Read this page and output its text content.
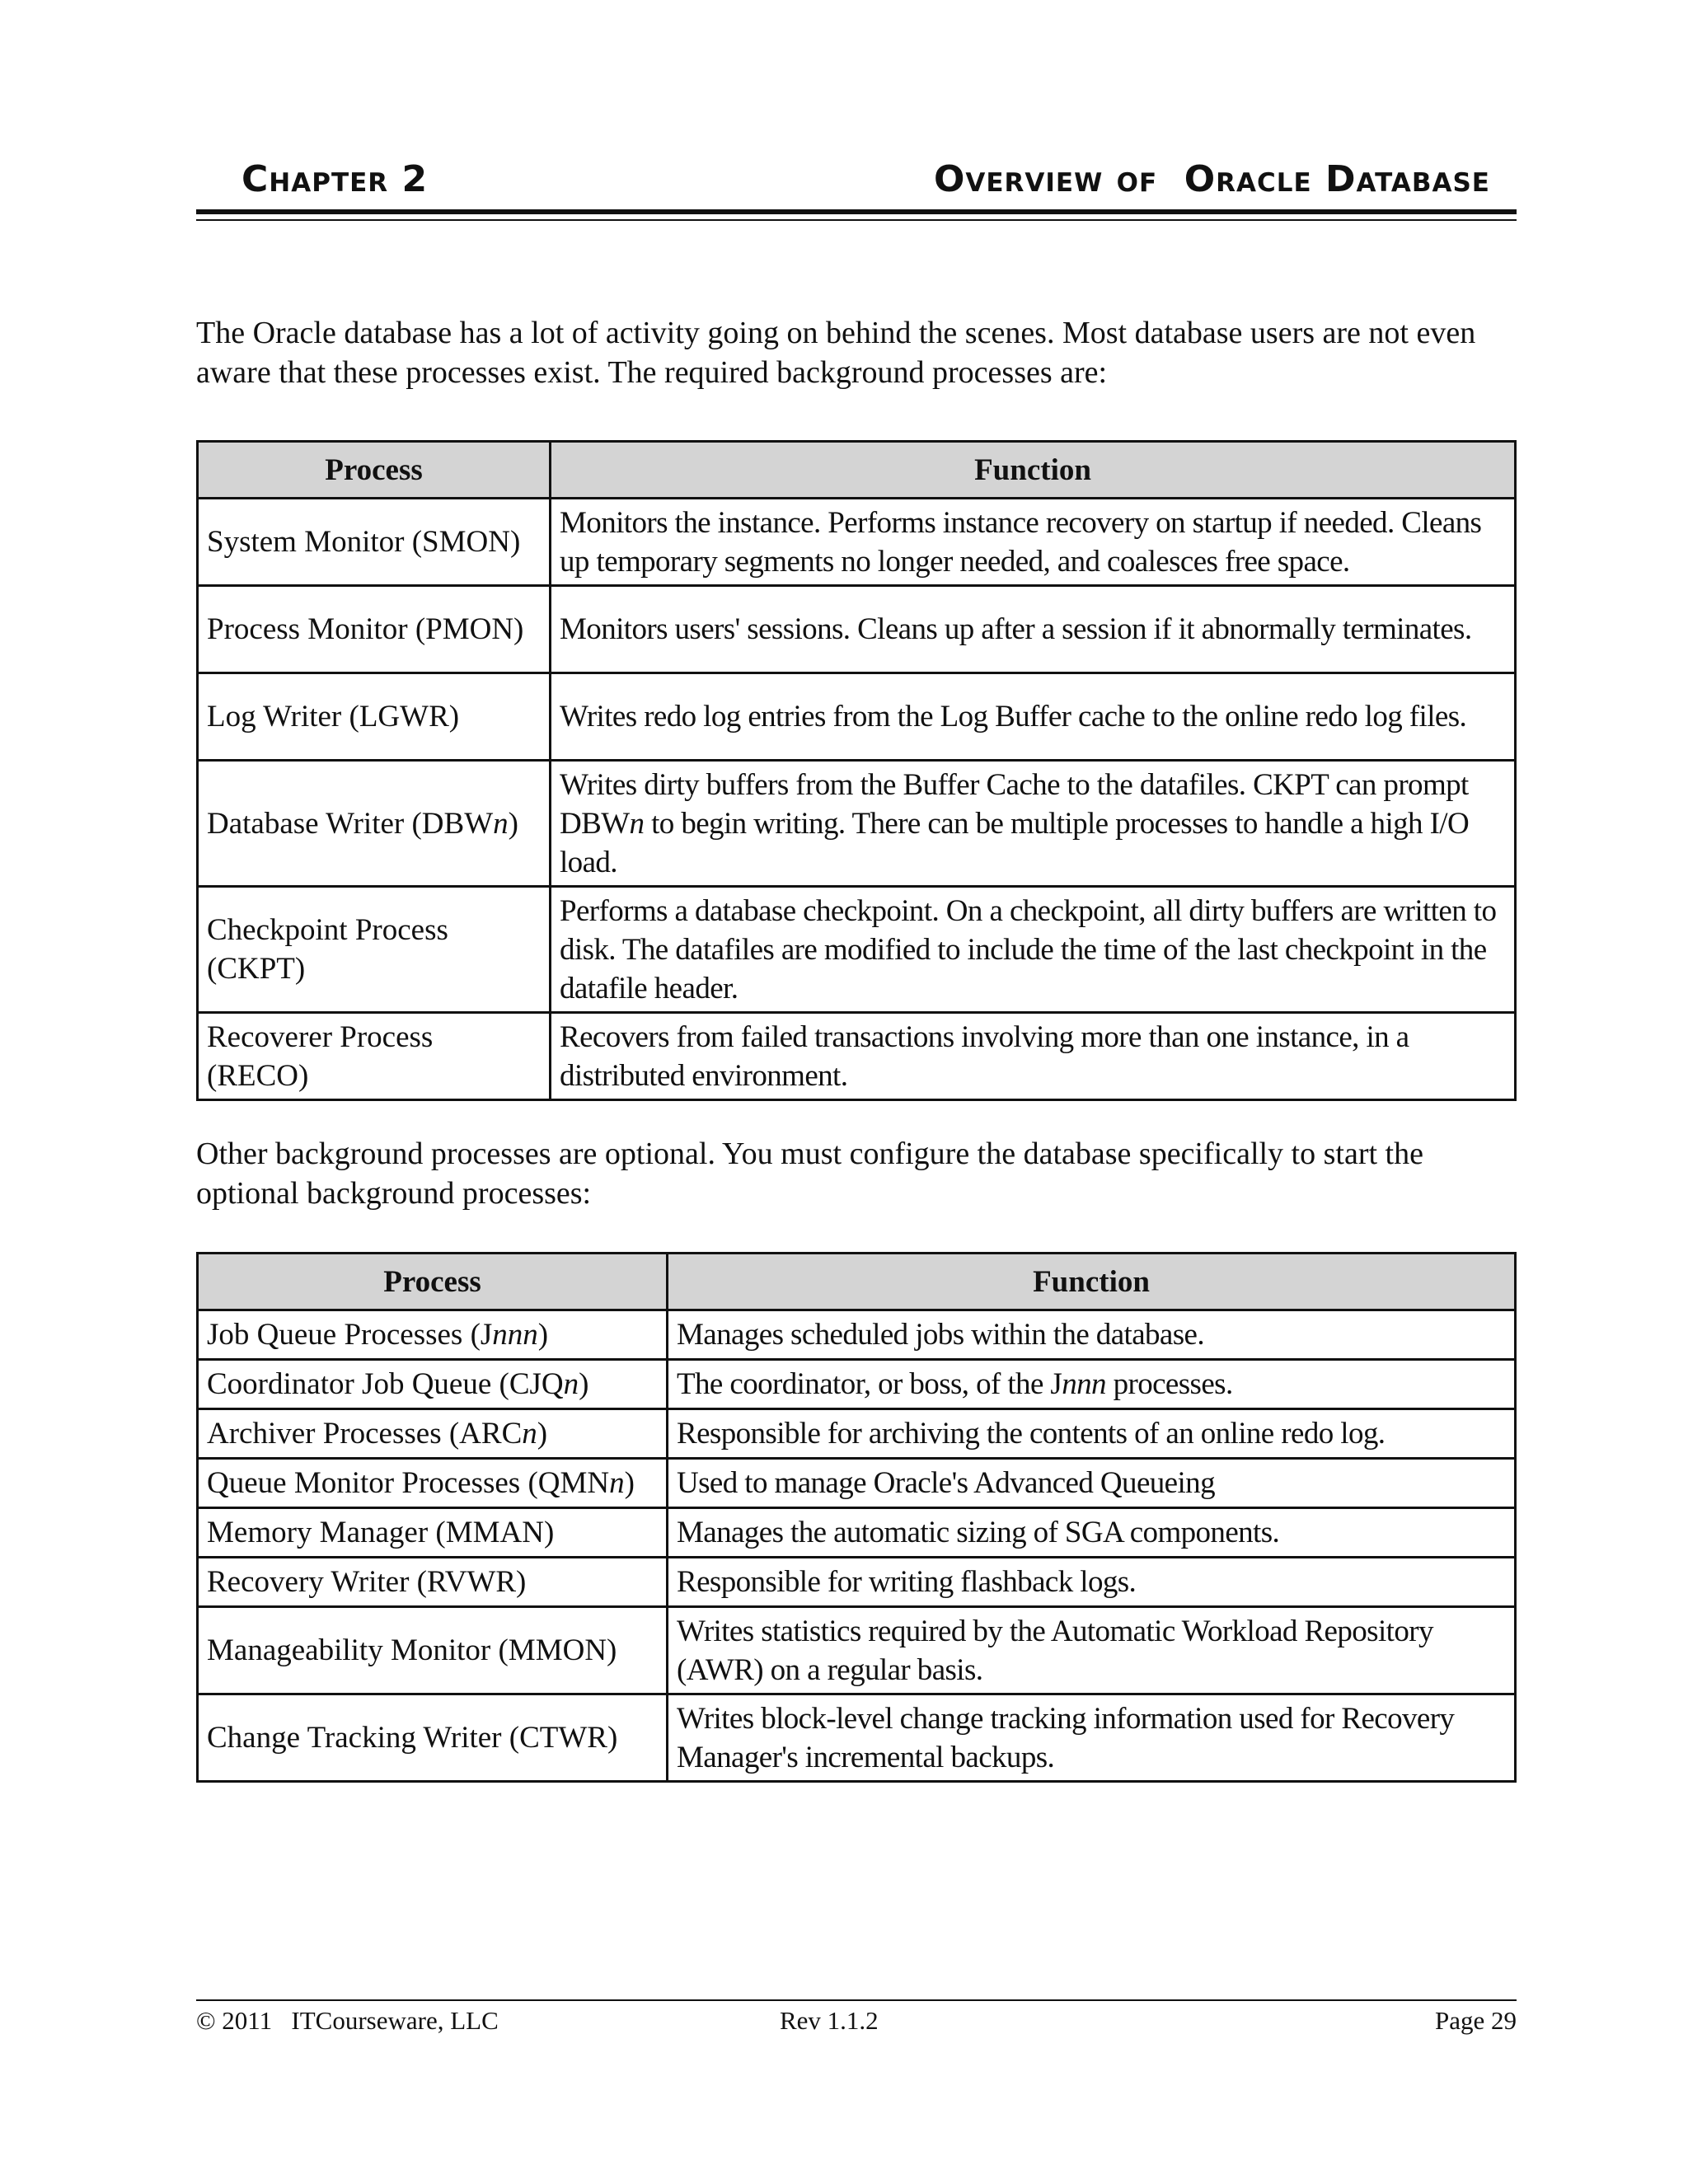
Chapter 2	Overview of  Oracle Database

The Oracle database has a lot of activity going on behind the scenes. Most database users are not even aware that these processes exist. The required background processes are:

Process	Function
System Monitor (SMON)	Monitors the instance. Performs instance recovery on startup if needed. Cleans up temporary segments no longer needed, and coalesces free space.
Process Monitor (PMON)	Monitors users' sessions. Cleans up after a session if it abnormally terminates.
Log Writer (LGWR)	Writes redo log entries from the Log Buffer cache to the online redo log files.
Database Writer (DBWn)	Writes dirty buffers from the Buffer Cache to the datafiles. CKPT can prompt DBWn to begin writing. There can be multiple processes to handle a high I/O load.
Checkpoint Process (CKPT)	Performs a database checkpoint. On a checkpoint, all dirty buffers are written to disk. The datafiles are modified to include the time of the last checkpoint in the datafile header.
Recoverer Process (RECO)	Recovers from failed transactions involving more than one instance, in a distributed environment.

Other background processes are optional. You must configure the database specifically to start the optional background processes:

Process	Function
Job Queue Processes (Jnnn)	Manages scheduled jobs within the database.
Coordinator Job Queue (CJQn)	The coordinator, or boss, of the Jnnn processes.
Archiver Processes (ARCn)	Responsible for archiving the contents of an online redo log.
Queue Monitor Processes (QMNn)	Used to manage Oracle's Advanced Queueing
Memory Manager (MMAN)	Manages the automatic sizing of SGA components.
Recovery Writer (RVWR)	Responsible for writing flashback logs.
Manageability Monitor (MMON)	Writes statistics required by the Automatic Workload Repository (AWR) on a regular basis.
Change Tracking Writer (CTWR)	Writes block-level change tracking information used for Recovery Manager's incremental backups.
© 2011   ITCourseware, LLC	Rev 1.1.2	Page 29
